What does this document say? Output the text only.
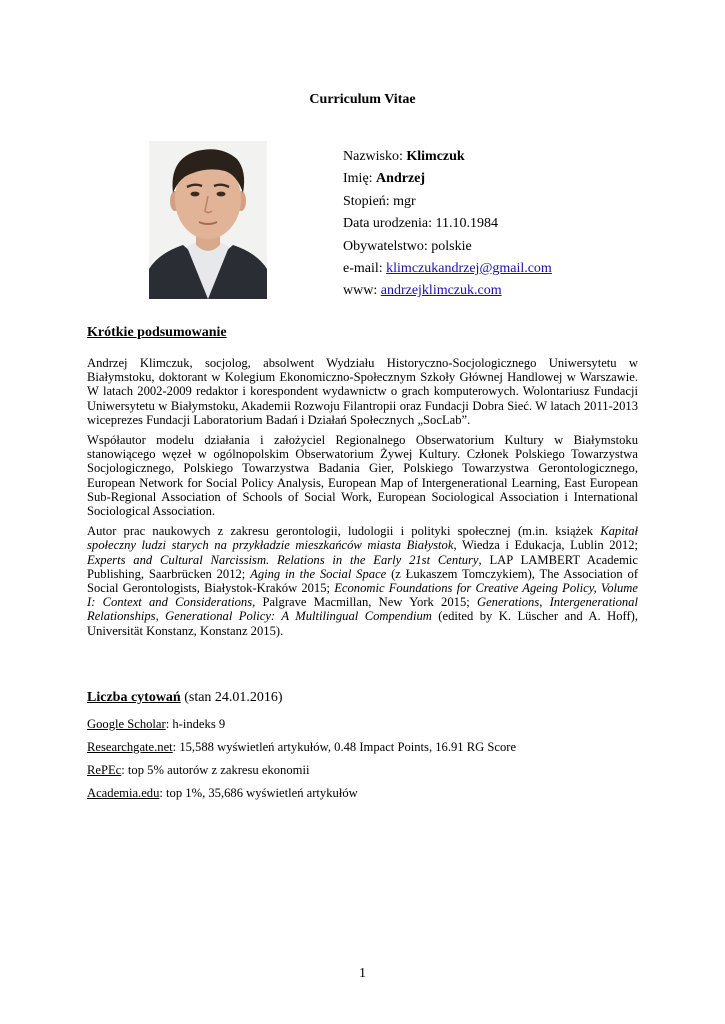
Curriculum Vitae
Nazwisko: Klimczuk
Imię: Andrzej
Stopień: mgr
Data urodzenia: 11.10.1984
Obywatelstwo: polskie
e-mail: klimczukandrzej@gmail.com
www: andrzejklimczuk.com
Krótkie podsumowanie

Andrzej Klimczuk, socjolog, absolwent Wydziału Historyczno-Socjologicznego Uniwersytetu w Białymstoku, doktorant w Kolegium Ekonomiczno-Społecznym Szkoły Głównej Handlowej w Warszawie. W latach 2002-2009 redaktor i korespondent wydawnictw o grach komputerowych. Wolontariusz Fundacji Uniwersytetu w Białymstoku, Akademii Rozwoju Filantropii oraz Fundacji Dobra Sieć. W latach 2011-2013 wiceprezes Fundacji Laboratorium Badań i Działań Społecznych „SocLab”.

Współautor modelu działania i założyciel Regionalnego Obserwatorium Kultury w Białymstoku stanowiącego węzeł w ogólnopolskim Obserwatorium Żywej Kultury. Członek Polskiego Towarzystwa Socjologicznego, Polskiego Towarzystwa Badania Gier, Polskiego Towarzystwa Gerontologicznego, European Network for Social Policy Analysis, European Map of Intergenerational Learning, East European Sub-Regional Association of Schools of Social Work, European Sociological Association i International Sociological Association.

Autor prac naukowych z zakresu gerontologii, ludologii i polityki społecznej (m.in. książek Kapitał społeczny ludzi starych na przykładzie mieszkańców miasta Białystok, Wiedza i Edukacja, Lublin 2012; Experts and Cultural Narcissism. Relations in the Early 21st Century, LAP LAMBERT Academic Publishing, Saarbrücken 2012; Aging in the Social Space (z Łukaszem Tomczykiem), The Association of Social Gerontologists, Białystok-Kraków 2015; Economic Foundations for Creative Ageing Policy, Volume I: Context and Considerations, Palgrave Macmillan, New York 2015; Generations, Intergenerational Relationships, Generational Policy: A Multilingual Compendium (edited by K. Lüscher and A. Hoff), Universität Konstanz, Konstanz 2015).

Liczba cytowań (stan 24.01.2016)
Google Scholar: h-indeks 9
Researchgate.net: 15,588 wyświetleń artykułów, 0.48 Impact Points, 16.91 RG Score
RePEc: top 5% autorów z zakresu ekonomii
Academia.edu: top 1%, 35,686 wyświetleń artykułów
1
